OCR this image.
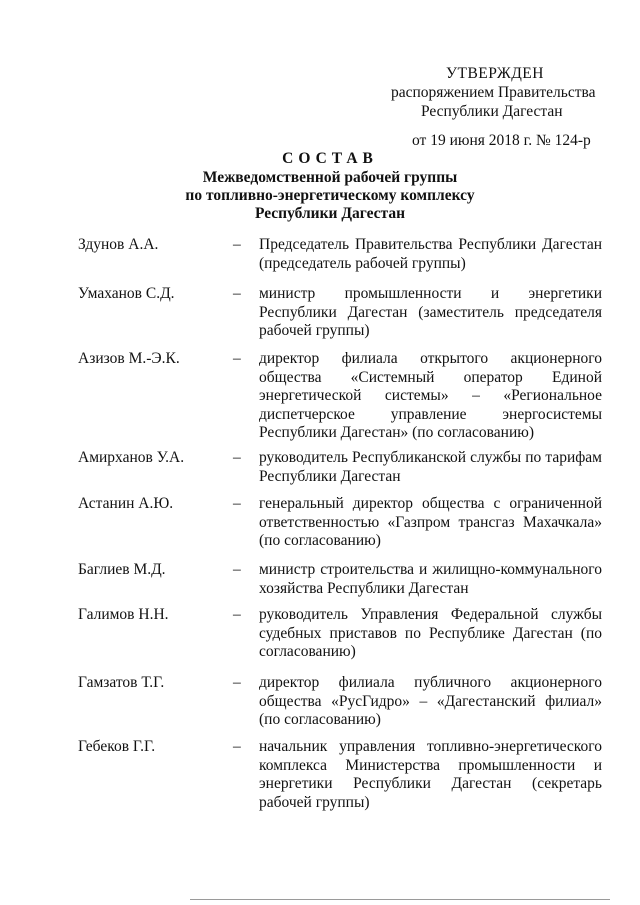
УТВЕРЖДЕН
распоряжением Правительства
Республики Дагестан
от 19 июня 2018 г. № 124-р
СОСТАВ
Межведомственной рабочей группы
по топливно-энергетическому комплексу
Республики Дагестан
Здунов А.А.	–	Председатель Правительства Республики Дагестан (председатель рабочей группы)
Умаханов С.Д.	–	министр промышленности и энергетики Республики Дагестан (заместитель председателя рабочей группы)
Азизов М.-Э.К.	–	директор филиала открытого акционерного общества «Системный оператор Единой энергетической системы» – «Региональное диспетчерское управление энергосистемы Республики Дагестан» (по согласованию)
Амирханов У.А.	–	руководитель Республиканской службы по тарифам Республики Дагестан
Астанин А.Ю.	–	генеральный директор общества с ограниченной ответственностью «Газпром трансгаз Махачкала» (по согласованию)
Баглиев М.Д.	–	министр строительства и жилищно-коммунального хозяйства Республики Дагестан
Галимов Н.Н.	–	руководитель Управления Федеральной службы судебных приставов по Республике Дагестан (по согласованию)
Гамзатов Т.Г.	–	директор филиала публичного акционерного общества «РусГидро» – «Дагестанский филиал» (по согласованию)
Гебеков Г.Г.	–	начальник управления топливно-энергетического комплекса Министерства промышленности и энергетики Республики Дагестан (секретарь рабочей группы)
